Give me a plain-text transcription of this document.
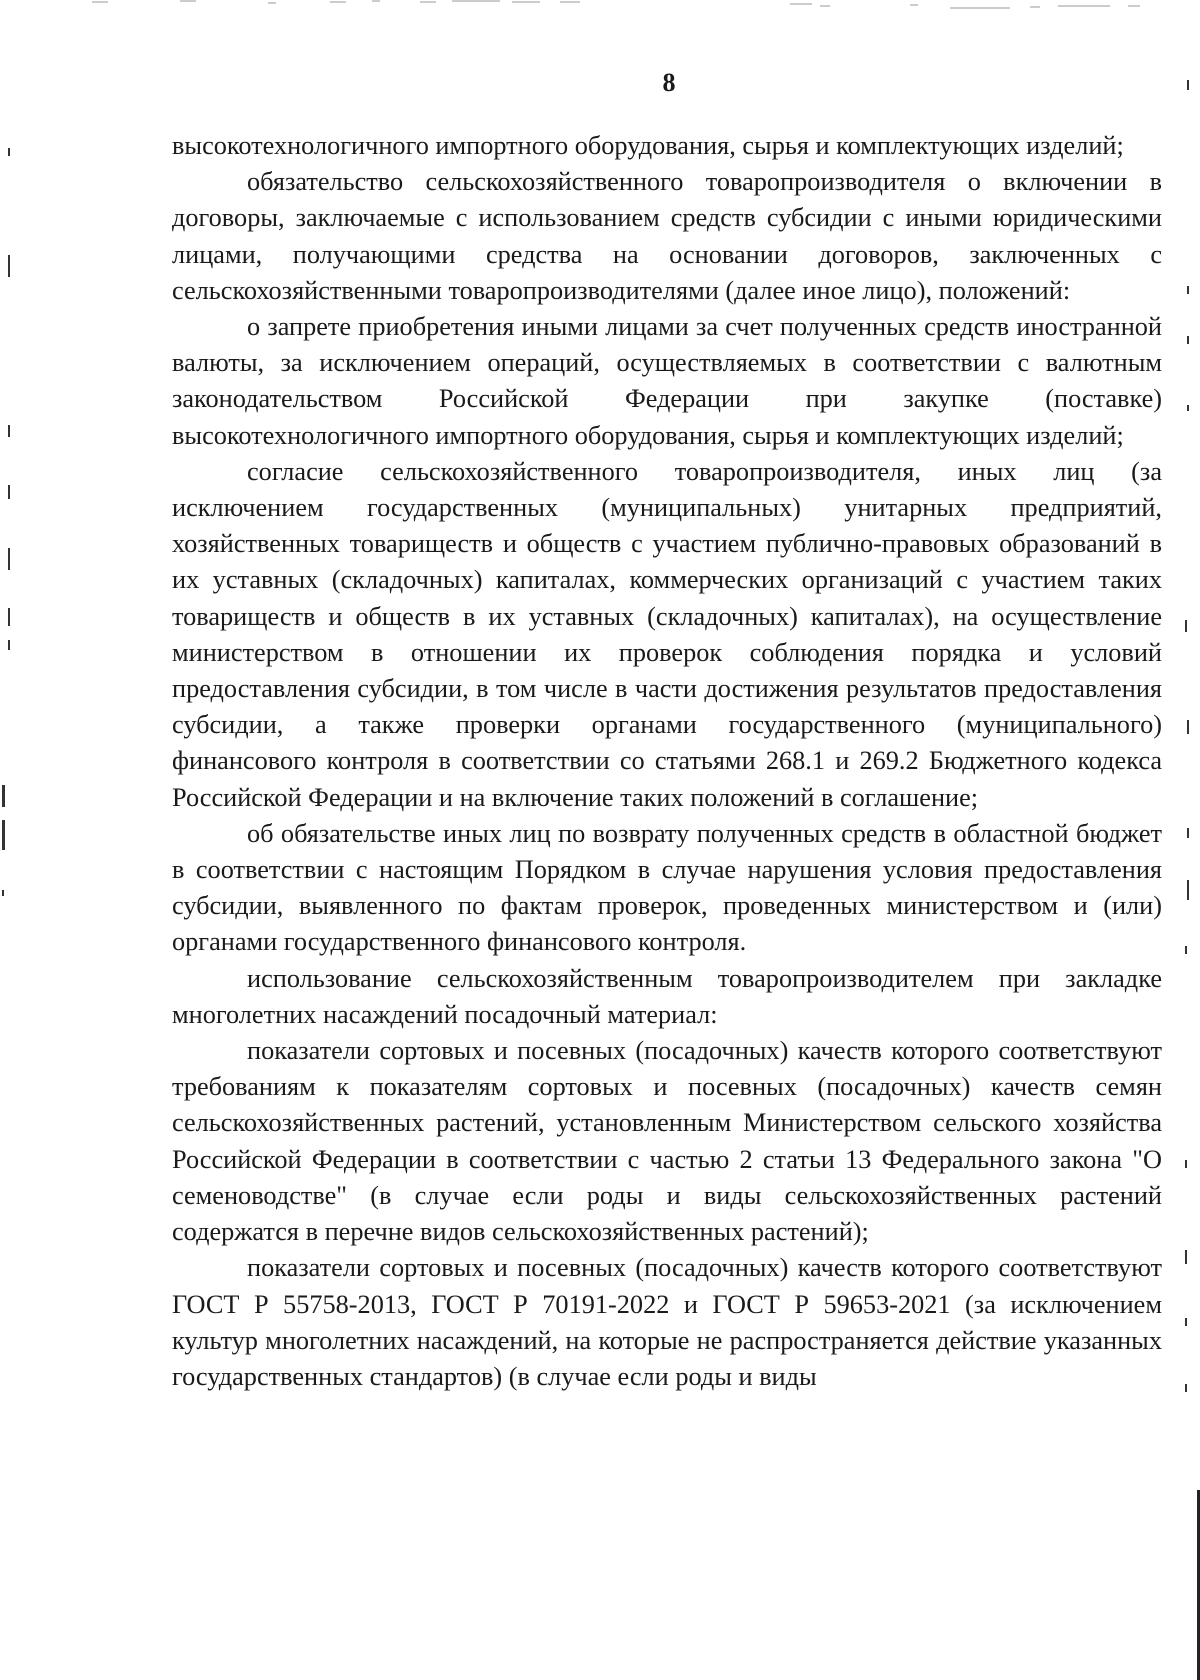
8

высокотехнологичного импортного оборудования, сырья и комплектующих изделий;

обязательство сельскохозяйственного товаропроизводителя о включении в договоры, заключаемые с использованием средств субсидии с иными юридическими лицами, получающими средства на основании договоров, заключенных с сельскохозяйственными товаропроизводителями (далее иное лицо), положений:

о запрете приобретения иными лицами за счет полученных средств иностранной валюты, за исключением операций, осуществляемых в соответствии с валютным законодательством Российской Федерации при закупке (поставке) высокотехнологичного импортного оборудования, сырья и комплектующих изделий;

согласие сельскохозяйственного товаропроизводителя, иных лиц (за исключением государственных (муниципальных) унитарных предприятий, хозяйственных товариществ и обществ с участием публично-правовых образований в их уставных (складочных) капиталах, коммерческих организаций с участием таких товариществ и обществ в их уставных (складочных) капиталах), на осуществление министерством в отношении их проверок соблюдения порядка и условий предоставления субсидии, в том числе в части достижения результатов предоставления субсидии, а также проверки органами государственного (муниципального) финансового контроля в соответствии со статьями 268.1 и 269.2 Бюджетного кодекса Российской Федерации и на включение таких положений в соглашение;

об обязательстве иных лиц по возврату полученных средств в областной бюджет в соответствии с настоящим Порядком в случае нарушения условия предоставления субсидии, выявленного по фактам проверок, проведенных министерством и (или) органами государственного финансового контроля.

использование сельскохозяйственным товаропроизводителем при закладке многолетних насаждений посадочный материал:

показатели сортовых и посевных (посадочных) качеств которого соответствуют требованиям к показателям сортовых и посевных (посадочных) качеств семян сельскохозяйственных растений, установленным Министерством сельского хозяйства Российской Федерации в соответствии с частью 2 статьи 13 Федерального закона "О семеноводстве" (в случае если роды и виды сельскохозяйственных растений содержатся в перечне видов сельскохозяйственных растений);

показатели сортовых и посевных (посадочных) качеств которого соответствуют ГОСТ Р 55758-2013, ГОСТ Р 70191-2022 и ГОСТ Р 59653-2021 (за исключением культур многолетних насаждений, на которые не распространяется действие указанных государственных стандартов) (в случае если роды и виды
